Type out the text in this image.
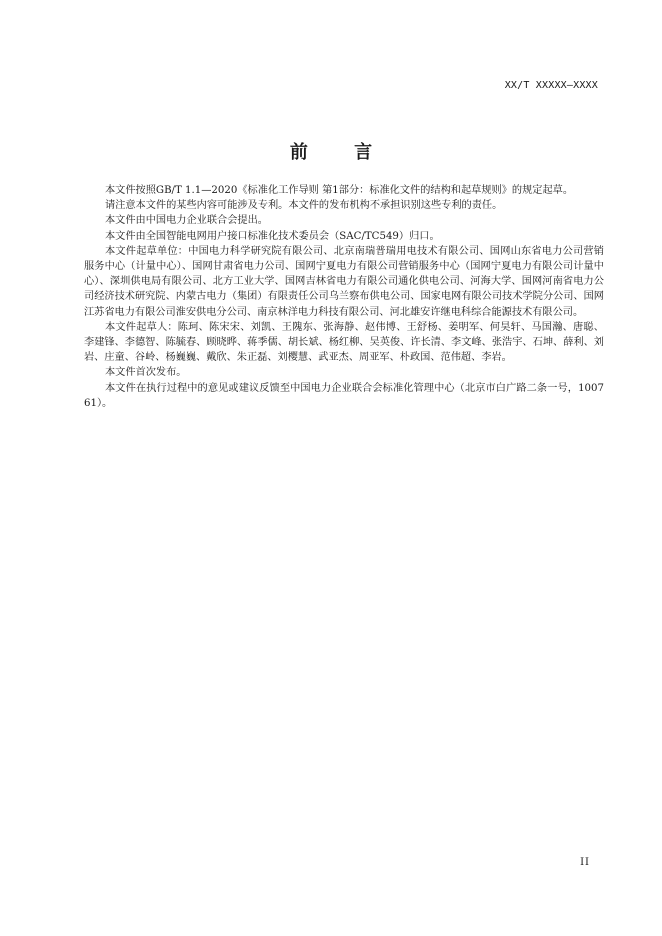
XX/T XXXXX—XXXX
前 言

本文件按照GB/T 1.1—2020《标准化工作导则 第1部分：标准化文件的结构和起草规则》的规定起草。

请注意本文件的某些内容可能涉及专利。本文件的发布机构不承担识别这些专利的责任。

本文件由中国电力企业联合会提出。

本文件由全国智能电网用户接口标准化技术委员会（SAC/TC549）归口。

本文件起草单位：中国电力科学研究院有限公司、北京南瑞普瑞用电技术有限公司、国网山东省电力公司营销服务中心（计量中心）、国网甘肃省电力公司、国网宁夏电力有限公司营销服务中心（国网宁夏电力有限公司计量中心）、深圳供电局有限公司、北方工业大学、国网吉林省电力有限公司通化供电公司、河海大学、国网河南省电力公司经济技术研究院、内蒙古电力（集团）有限责任公司乌兰察布供电公司、国家电网有限公司技术学院分公司、国网江苏省电力有限公司淮安供电分公司、南京林洋电力科技有限公司、河北雄安许继电科综合能源技术有限公司。

本文件起草人：陈珂、陈宋宋、刘凯、王隗东、张海静、赵伟博、王舒杨、姜明军、何昊轩、马国瀚、唐聪、李建锋、李德智、陈毓春、顾晓晔、蒋季儒、胡长斌、杨红柳、吴英俊、许长清、李文峰、张浩宇、石坤、薛利、刘岩、庄童、谷岭、杨巍巍、戴欣、朱正磊、刘樱慧、武亚杰、周亚军、朴政国、范伟超、李岩。

本文件首次发布。

本文件在执行过程中的意见或建议反馈至中国电力企业联合会标准化管理中心（北京市白广路二条一号，100761）。

II
